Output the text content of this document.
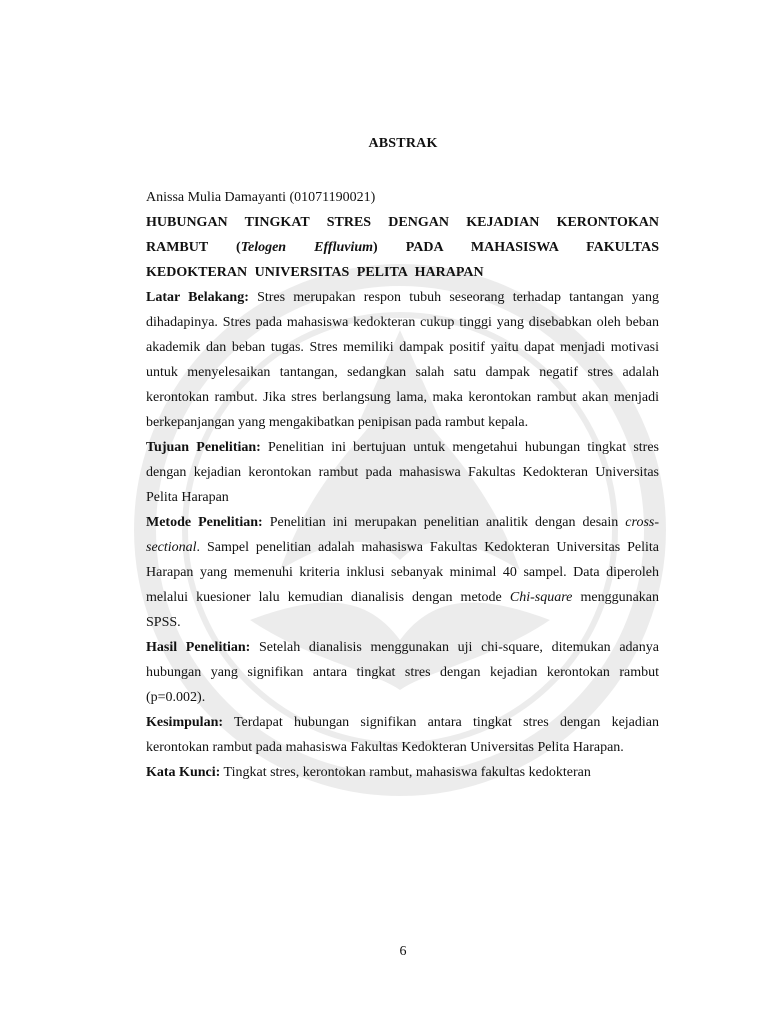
ABSTRAK

Anissa Mulia Damayanti (01071190021)

HUBUNGAN TINGKAT STRES DENGAN KEJADIAN KERONTOKAN RAMBUT (Telogen Effluvium) PADA MAHASISWA FAKULTAS KEDOKTERAN UNIVERSITAS PELITA HARAPAN

Latar Belakang: Stres merupakan respon tubuh seseorang terhadap tantangan yang dihadapinya. Stres pada mahasiswa kedokteran cukup tinggi yang disebabkan oleh beban akademik dan beban tugas. Stres memiliki dampak positif yaitu dapat menjadi motivasi untuk menyelesaikan tantangan, sedangkan salah satu dampak negatif stres adalah kerontokan rambut. Jika stres berlangsung lama, maka kerontokan rambut akan menjadi berkepanjangan yang mengakibatkan penipisan pada rambut kepala.

Tujuan Penelitian: Penelitian ini bertujuan untuk mengetahui hubungan tingkat stres dengan kejadian kerontokan rambut pada mahasiswa Fakultas Kedokteran Universitas Pelita Harapan

Metode Penelitian: Penelitian ini merupakan penelitian analitik dengan desain cross-sectional. Sampel penelitian adalah mahasiswa Fakultas Kedokteran Universitas Pelita Harapan yang memenuhi kriteria inklusi sebanyak minimal 40 sampel. Data diperoleh melalui kuesioner lalu kemudian dianalisis dengan metode Chi-square menggunakan SPSS.

Hasil Penelitian: Setelah dianalisis menggunakan uji chi-square, ditemukan adanya hubungan yang signifikan antara tingkat stres dengan kejadian kerontokan rambut (p=0.002).

Kesimpulan: Terdapat hubungan signifikan antara tingkat stres dengan kejadian kerontokan rambut pada mahasiswa Fakultas Kedokteran Universitas Pelita Harapan.

Kata Kunci: Tingkat stres, kerontokan rambut, mahasiswa fakultas kedokteran

6
